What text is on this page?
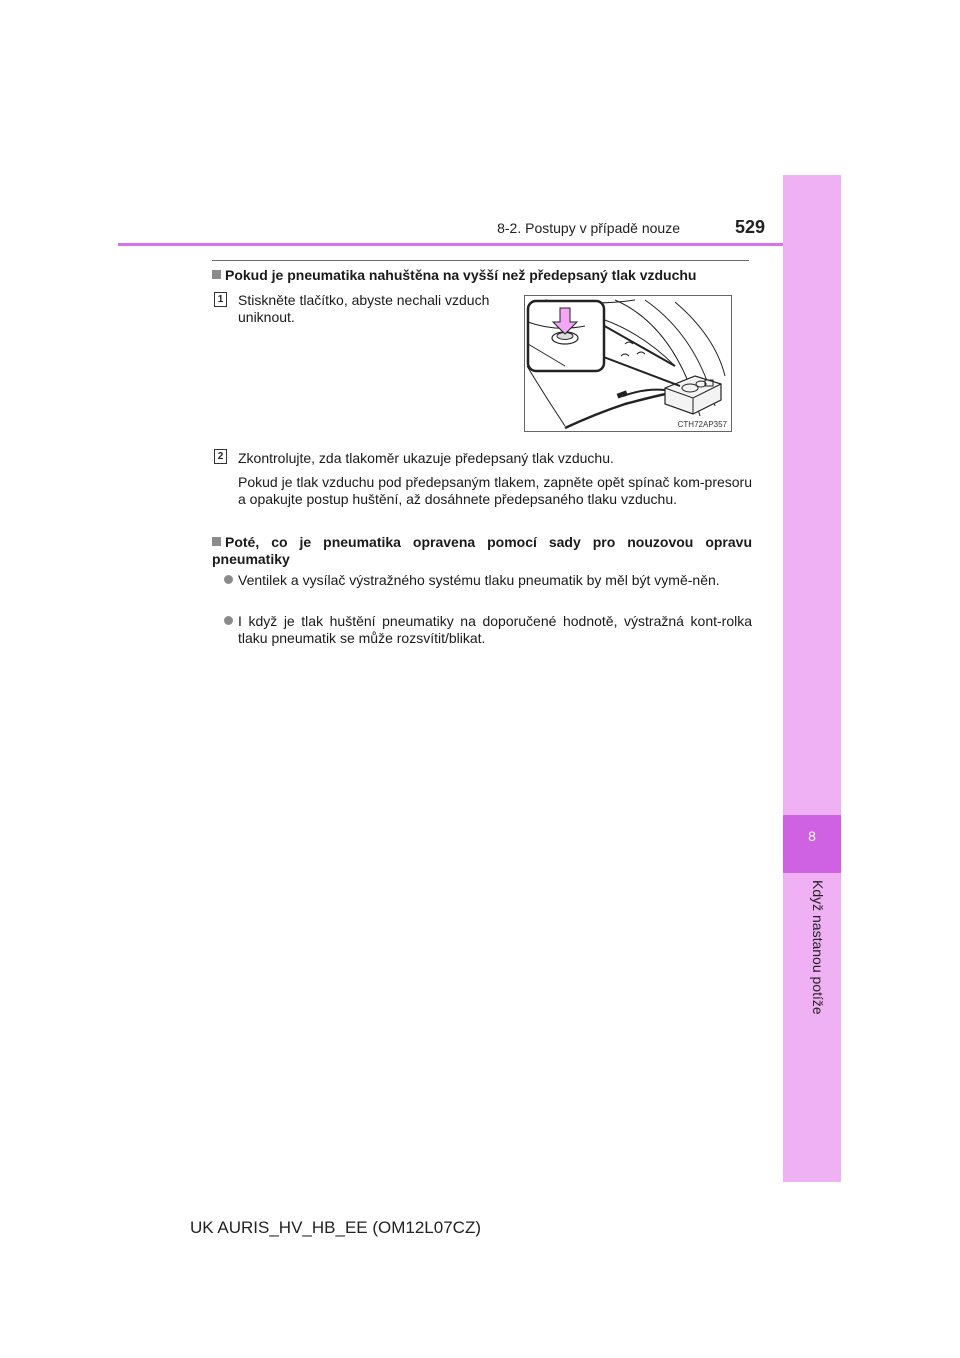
8
Když nastanou potíže
8-2. Postupy v případě nouze	529
Pokud je pneumatika nahuštěna na vyšší než předepsaný tlak vzduchu
1 Stiskněte tlačítko, abyste nechali vzduch uniknout.

CTH72AP357
2 Zkontrolujte, zda tlakoměr ukazuje předepsaný tlak vzduchu.

Pokud je tlak vzduchu pod předepsaným tlakem, zapněte opět spínač kom-presoru a opakujte postup huštění, až dosáhnete předepsaného tlaku vzduchu.

Poté, co je pneumatika opravena pomocí sady pro nouzovou opravu pneumatiky

Ventilek a vysílač výstražného systému tlaku pneumatik by měl být vymě-něn.

I když je tlak huštění pneumatiky na doporučené hodnotě, výstražná kont-rolka tlaku pneumatik se může rozsvítit/blikat.

UK AURIS_HV_HB_EE (OM12L07CZ)
